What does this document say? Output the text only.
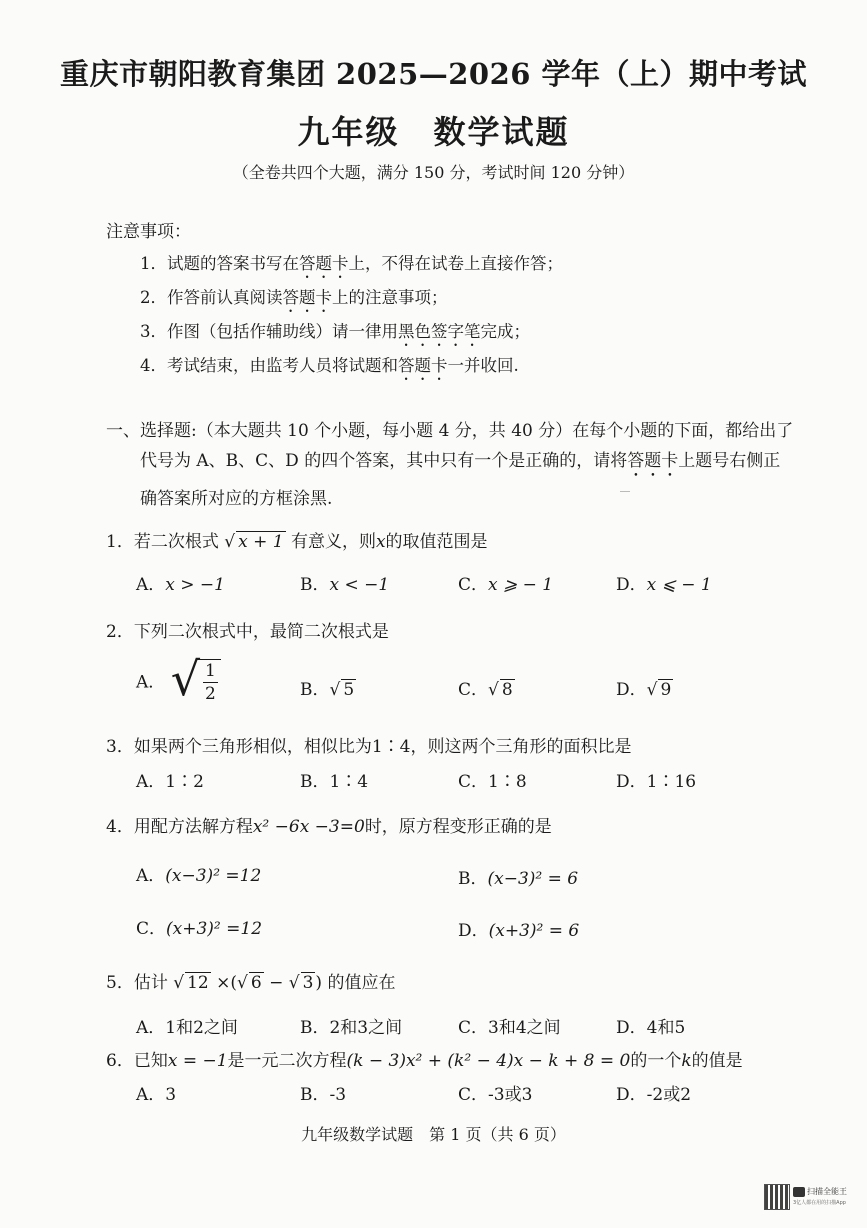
重庆市朝阳教育集团 2025—2026 学年（上）期中考试
九年级　数学试题
（全卷共四个大题，满分 150 分，考试时间 120 分钟）
注意事项：
1．试题的答案书写在答题卡上，不得在试卷上直接作答；
2．作答前认真阅读答题卡上的注意事项；
3．作图（包括作辅助线）请一律用黑色签字笔完成；
4．考试结束，由监考人员将试题和答题卡一并收回.
一、选择题:（本大题共 10 个小题，每小题 4 分，共 40 分）在每个小题的下面，都给出了
代号为 A、B、C、D 的四个答案，其中只有一个是正确的，请将答题卡上题号右侧正
确答案所对应的方框涂黑.
1．若二次根式 √ x + 1 有意义，则x的取值范围是
A．x > −1	B．x < −1	C．x ⩾ − 1	D．x ⩽ − 1
2．下列二次根式中，最简二次根式是
A． √ $\frac{1}{2}$	B．√ 5	C．√ 8	D．√ 9
3．如果两个三角形相似，相似比为1∶4，则这两个三角形的面积比是
A．1∶2	B．1∶4	C．1∶8	D．1∶16
4．用配方法解方程x² −6x −3=0时，原方程变形正确的是
A．(x−3)² =12	B．(x−3)² = 6
C．(x+3)² =12	D．(x+3)² = 6
5．估计 √ 12 ×(√ 6 − √ 3 ) 的值应在
A．1和2之间	B．2和3之间	C．3和4之间	D．4和5
6．已知x = −1是一元二次方程(k − 3)x² + (k² − 4)x − k + 8 = 0的一个k的值是
A．3	B．-3	C．-3或3	D．-2或2
九年级数学试题　第 1 页（共 6 页）
扫描全能王
3亿人都在用的扫描App
